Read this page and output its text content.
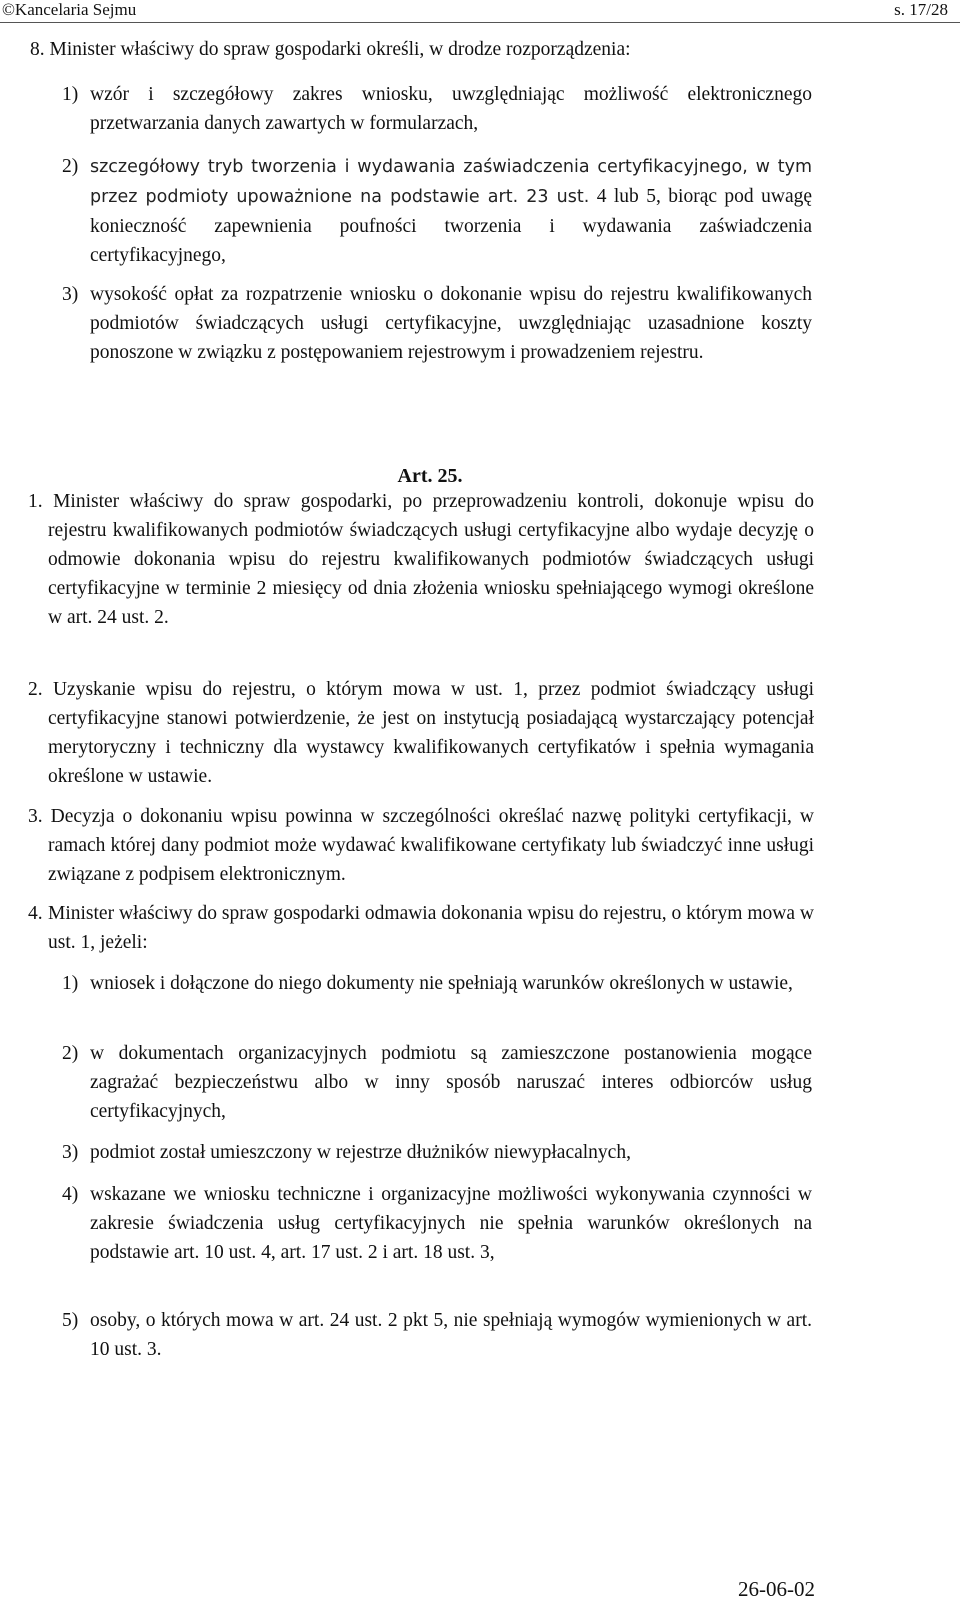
©Kancelaria Sejmu	s. 17/28
8. Minister właściwy do spraw gospodarki określi, w drodze rozporządzenia:
1) wzór i szczegółowy zakres wniosku, uwzględniając możliwość elektronicznego przetwarzania danych zawartych w formularzach,
2) szczegółowy tryb tworzenia i wydawania zaświadczenia certyfikacyjnego, w tym przez podmioty upoważnione na podstawie art. 23 ust. 4 lub 5, biorąc pod uwagę konieczność zapewnienia poufności tworzenia i wydawania zaświadczenia certyfikacyjnego,
3) wysokość opłat za rozpatrzenie wniosku o dokonanie wpisu do rejestru kwalifikowanych podmiotów świadczących usługi certyfikacyjne, uwzględniając uzasadnione koszty ponoszone w związku z postępowaniem rejestrowym i prowadzeniem rejestru.
Art. 25.
1. Minister właściwy do spraw gospodarki, po przeprowadzeniu kontroli, dokonuje wpisu do rejestru kwalifikowanych podmiotów świadczących usługi certyfikacyjne albo wydaje decyzję o odmowie dokonania wpisu do rejestru kwalifikowanych podmiotów świadczących usługi certyfikacyjne w terminie 2 miesięcy od dnia złożenia wniosku spełniającego wymogi określone w art. 24 ust. 2.
2. Uzyskanie wpisu do rejestru, o którym mowa w ust. 1, przez podmiot świadczący usługi certyfikacyjne stanowi potwierdzenie, że jest on instytucją posiadającą wystarczający potencjał merytoryczny i techniczny dla wystawcy kwalifikowanych certyfikatów i spełnia wymagania określone w ustawie.
3. Decyzja o dokonaniu wpisu powinna w szczególności określać nazwę polityki certyfikacji, w ramach której dany podmiot może wydawać kwalifikowane certyfikaty lub świadczyć inne usługi związane z podpisem elektronicznym.
4. Minister właściwy do spraw gospodarki odmawia dokonania wpisu do rejestru, o którym mowa w ust. 1, jeżeli:
1) wniosek i dołączone do niego dokumenty nie spełniają warunków określonych w ustawie,
2) w dokumentach organizacyjnych podmiotu są zamieszczone postanowienia mogące zagrażać bezpieczeństwu albo w inny sposób naruszać interes odbiorców usług certyfikacyjnych,
3) podmiot został umieszczony w rejestrze dłużników niewypłacalnych,
4) wskazane we wniosku techniczne i organizacyjne możliwości wykonywania czynności w zakresie świadczenia usług certyfikacyjnych nie spełnia warunków określonych na podstawie art. 10 ust. 4, art. 17 ust. 2 i art. 18 ust. 3,
5) osoby, o których mowa w art. 24 ust. 2 pkt 5, nie spełniają wymogów wymienionych w art. 10 ust. 3.
26-06-02
